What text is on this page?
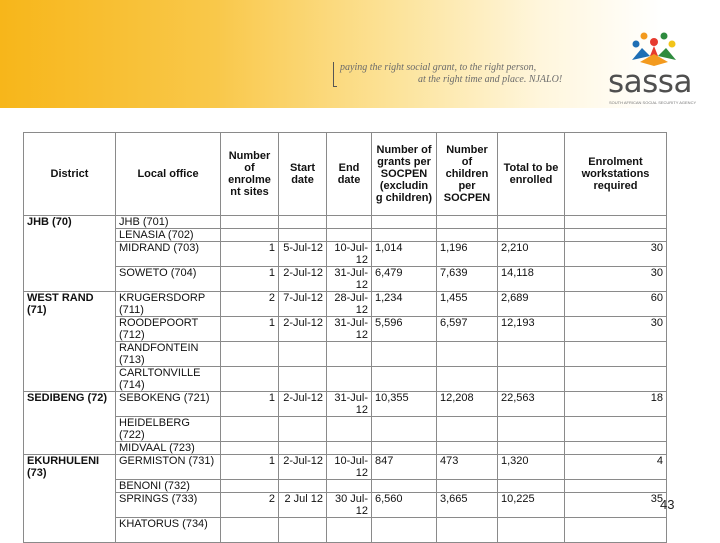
paying the right social grant, to the right person,
at the right time and place. NJALO! sassa
SOUTH AFRICAN SOCIAL SECURITY AGENCY
District	Local office	Number of enrolme nt sites	Start date	End date	Number of grants per SOCPEN (excludin g children)	Number of children per SOCPEN	Total to be enrolled	Enrolment workstations required
JHB (70)	JHB (701)							
	LENASIA (702)							
	MIDRAND (703)	1	5-Jul-12	10-Jul-12	1,014	1,196	2,210	30
	SOWETO (704)	1	2-Jul-12	31-Jul-12	6,479	7,639	14,118	30
WEST RAND (71)	KRUGERSDORP (711)	2	7-Jul-12	28-Jul-12	1,234	1,455	2,689	60
	ROODEPOORT (712)	1	2-Jul-12	31-Jul-12	5,596	6,597	12,193	30
	RANDFONTEIN (713)							
	CARLTONVILLE (714)							
SEDIBENG (72)	SEBOKENG (721)	1	2-Jul-12	31-Jul-12	10,355	12,208	22,563	18
	HEIDELBERG (722)							
	MIDVAAL (723)							
EKURHULENI (73)	GERMISTON (731)	1	2-Jul-12	10-Jul-12	847	473	1,320	4
	BENONI (732)							
	SPRINGS (733)	2	2 Jul 12	30 Jul-12	6,560	3,665	10,225	35
	KHATORUS (734)							
43
